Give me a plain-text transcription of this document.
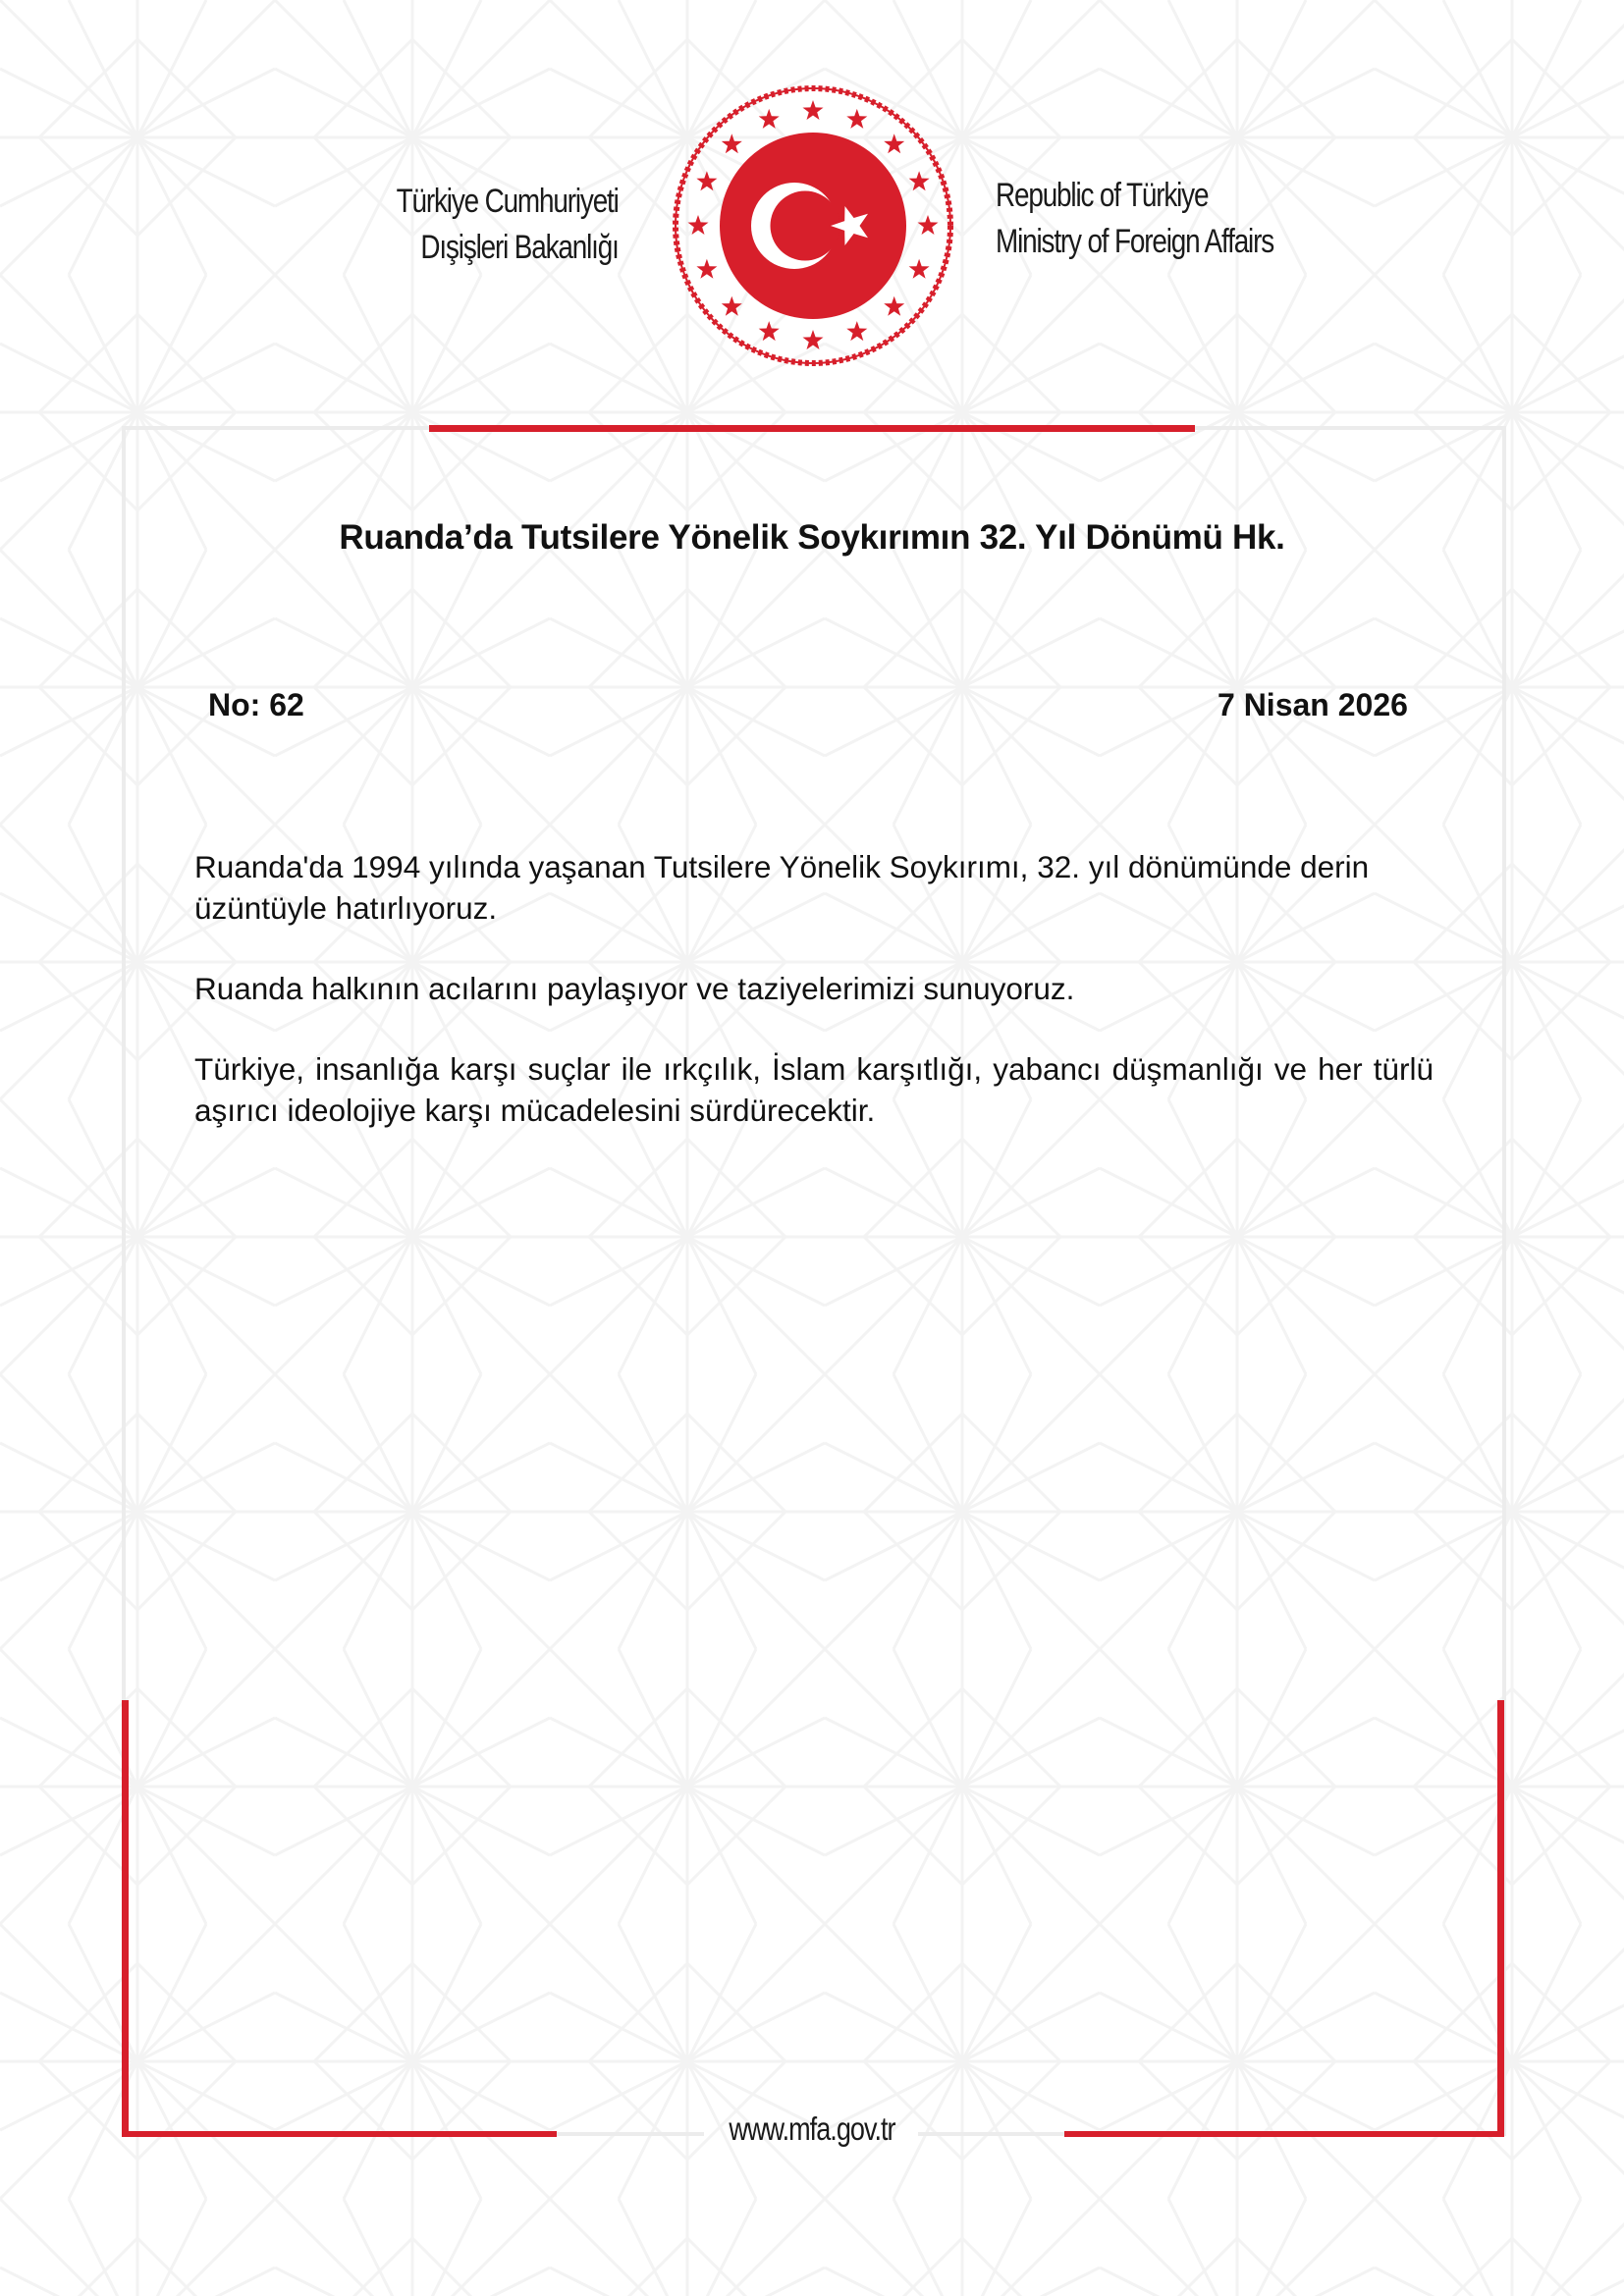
Türkiye Cumhuriyeti
Dışişleri Bakanlığı
Republic of Türkiye
Ministry of Foreign Affairs
Ruanda’da Tutsilere Yönelik Soykırımın 32. Yıl Dönümü Hk.
No: 62	7 Nisan 2026

Ruanda'da 1994 yılında yaşanan Tutsilere Yönelik Soykırımı, 32. yıl dönümünde derin üzüntüyle hatırlıyoruz.

Ruanda halkının acılarını paylaşıyor ve taziyelerimizi sunuyoruz.

Türkiye, insanlığa karşı suçlar ile ırkçılık, İslam karşıtlığı, yabancı düşmanlığı ve her türlü aşırıcı ideolojiye karşı mücadelesini sürdürecektir.

www.mfa.gov.tr
